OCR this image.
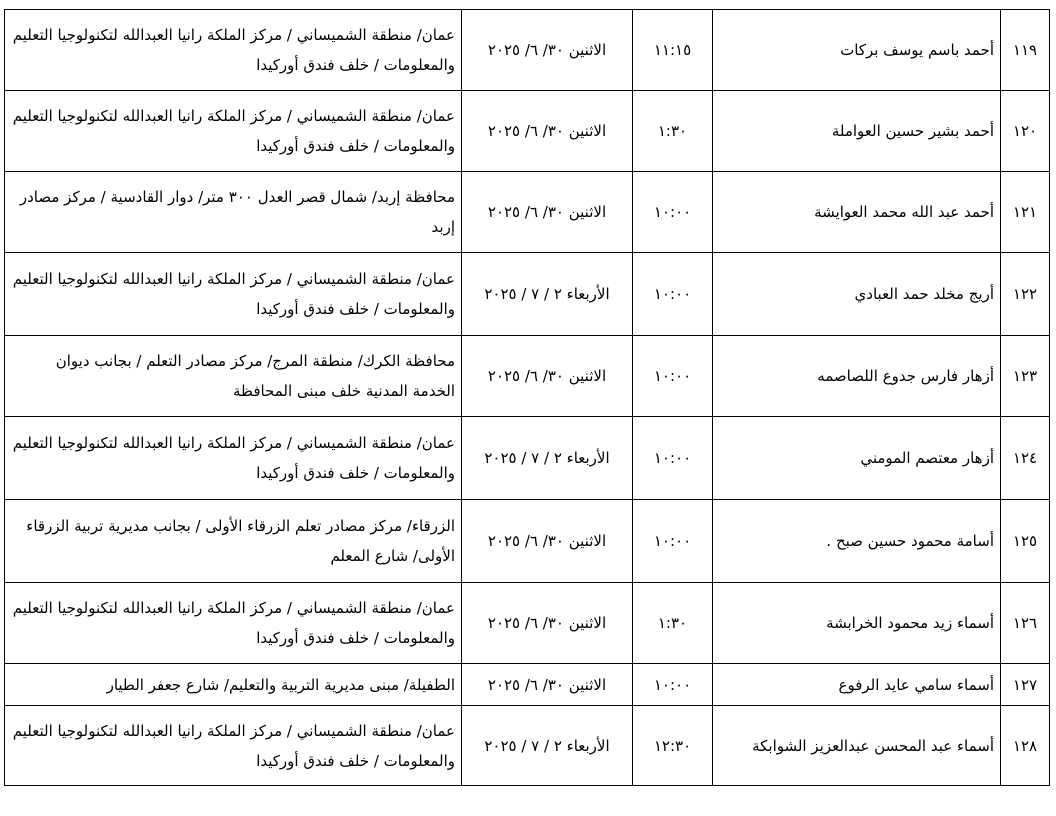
١١٩	أحمد باسم يوسف بركات	١١:١٥	الاثنين ٣٠/ ٦/ ٢٠٢٥	عمان/ منطقة الشميساني / مركز الملكة رانيا العبدالله لتكنولوجيا التعليم والمعلومات / خلف فندق أوركيدا
١٢٠	أحمد بشير حسين العواملة	١:٣٠	الاثنين ٣٠/ ٦/ ٢٠٢٥	عمان/ منطقة الشميساني / مركز الملكة رانيا العبدالله لتكنولوجيا التعليم والمعلومات / خلف فندق أوركيدا
١٢١	أحمد عبد الله محمد العوايشة	١٠:٠٠	الاثنين ٣٠/ ٦/ ٢٠٢٥	محافظة إربد/ شمال قصر العدل ٣٠٠ متر/ دوار القادسية / مركز مصادر إربد
١٢٢	أريج مخلد حمد العبادي	١٠:٠٠	الأربعاء ٢ / ٧ / ٢٠٢٥	عمان/ منطقة الشميساني / مركز الملكة رانيا العبدالله لتكنولوجيا التعليم والمعلومات / خلف فندق أوركيدا
١٢٣	أزهار فارس جدوع اللصاصمه	١٠:٠٠	الاثنين ٣٠/ ٦/ ٢٠٢٥	محافظة الكرك/ منطقة المرج/ مركز مصادر التعلم / بجانب ديوان الخدمة المدنية خلف مبنى المحافظة
١٢٤	أزهار معتصم المومني	١٠:٠٠	الأربعاء ٢ / ٧ / ٢٠٢٥	عمان/ منطقة الشميساني / مركز الملكة رانيا العبدالله لتكنولوجيا التعليم والمعلومات / خلف فندق أوركيدا
١٢٥	أسامة محمود حسين صبح .	١٠:٠٠	الاثنين ٣٠/ ٦/ ٢٠٢٥	الزرقاء/ مركز مصادر تعلم الزرقاء الأولى / بجانب مديرية تربية الزرقاء الأولى/ شارع المعلم
١٢٦	أسماء زيد محمود الخرابشة	١:٣٠	الاثنين ٣٠/ ٦/ ٢٠٢٥	عمان/ منطقة الشميساني / مركز الملكة رانيا العبدالله لتكنولوجيا التعليم والمعلومات / خلف فندق أوركيدا
١٢٧	أسماء سامي عايد الرفوع	١٠:٠٠	الاثنين ٣٠/ ٦/ ٢٠٢٥	الطفيلة/ مبنى مديرية التربية والتعليم/ شارع جعفر الطيار
١٢٨	أسماء عبد المحسن عبدالعزيز الشوابكة	١٢:٣٠	الأربعاء ٢ / ٧ / ٢٠٢٥	عمان/ منطقة الشميساني / مركز الملكة رانيا العبدالله لتكنولوجيا التعليم والمعلومات / خلف فندق أوركيدا
